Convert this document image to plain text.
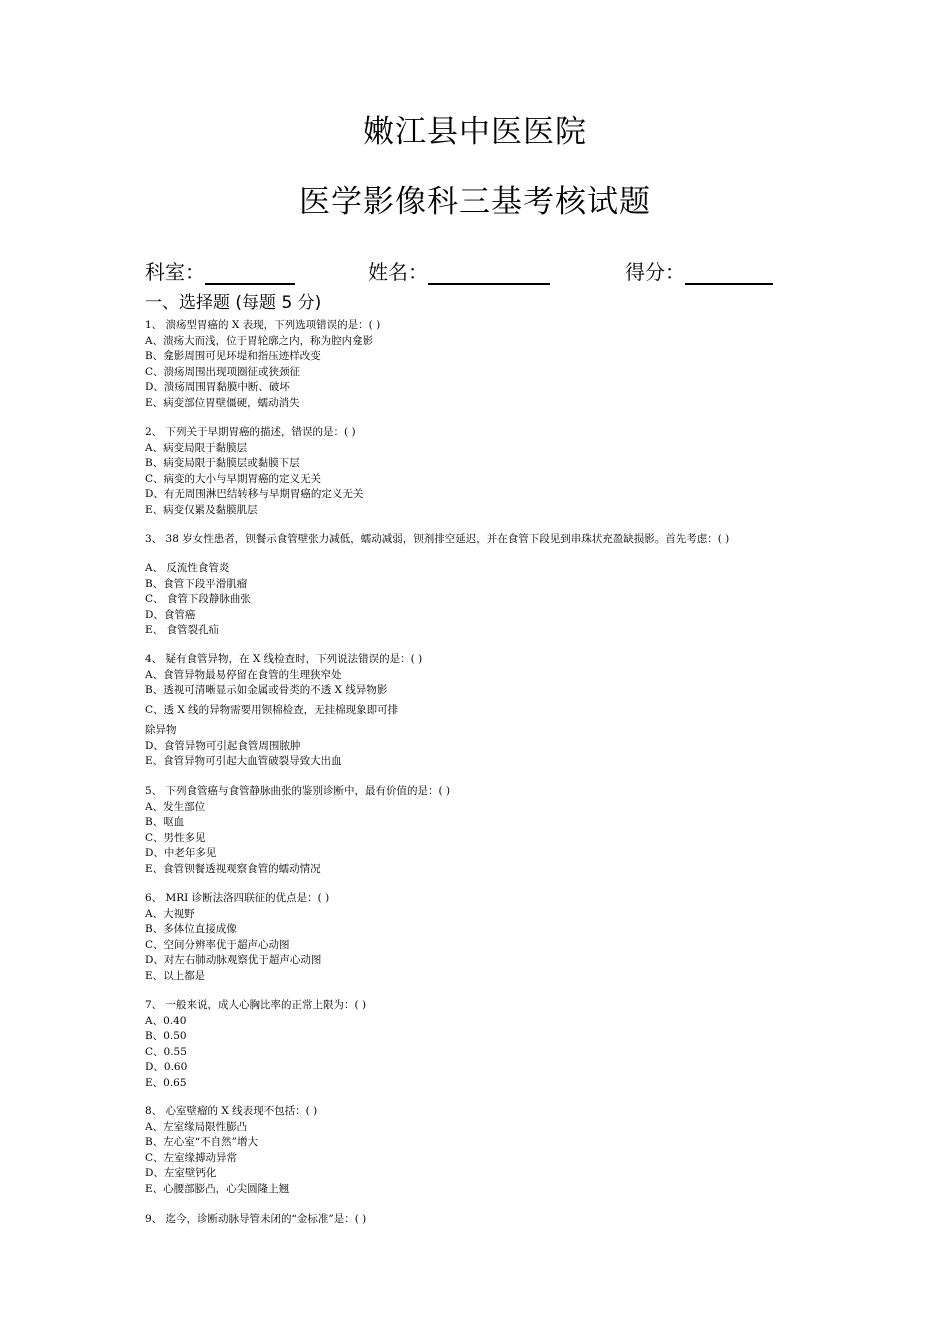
嫩江县中医医院
医学影像科三基考核试题
科室：	姓名：	得分：
一、选择题 (每题 5 分)
1、 溃疡型胃癌的 X 表现，下列选项错误的是：( )
A、溃疡大而浅，位于胃轮廓之内，称为腔内龛影
B、龛影周围可见环堤和指压迹样改变
C、溃疡周围出现项圈征或狭颈征
D、溃疡周围胃黏膜中断、破坏
E、病变部位胃壁僵硬，蠕动消失
2、 下列关于早期胃癌的描述，错误的是：( )
A、病变局限于黏膜层
B、病变局限于黏膜层或黏膜下层
C、病变的大小与早期胃癌的定义无关
D、有无周围淋巴结转移与早期胃癌的定义无关
E、病变仅累及黏膜肌层
3、 38 岁女性患者，钡餐示食管壁张力减低，蠕动减弱，钡剂排空延迟，并在食管下段见到串珠状充盈缺损影。首先考虑：( )
A、 反流性食管炎
B、食管下段平滑肌瘤
C、 食管下段静脉曲张
D、食管癌
E、 食管裂孔疝
4、 疑有食管异物，在 X 线检查时，下列说法错误的是：( )
A、食管异物最易停留在食管的生理狭窄处
B、透视可清晰显示如金属或骨类的不透 X 线异物影
C、透 X 线的异物需要用钡棉检查，无挂棉现象即可排
除异物
D、食管异物可引起食管周围脓肿
E、食管异物可引起大血管破裂导致大出血
5、 下列食管癌与食管静脉曲张的鉴别诊断中，最有价值的是：( )
A、发生部位
B、呕血
C、男性多见
D、中老年多见
E、食管钡餐透视观察食管的蠕动情况
6、 MRI 诊断法洛四联征的优点是：( )
A、大视野
B、多体位直接成像
C、空间分辨率优于超声心动图
D、对左右肺动脉观察优于超声心动图
E、以上都是
7、 一般来说，成人心胸比率的正常上限为：( )
A、0.40
B、0.50
C、0.55
D、0.60
E、0.65
8、 心室壁瘤的 X 线表现不包括：( )
A、左室缘局限性膨凸
B、左心室“不自然”增大
C、左室缘搏动异常
D、左室壁钙化
E、心腰部膨凸，心尖圆隆上翘
9、 迄今，诊断动脉导管未闭的“金标准”是：( )
